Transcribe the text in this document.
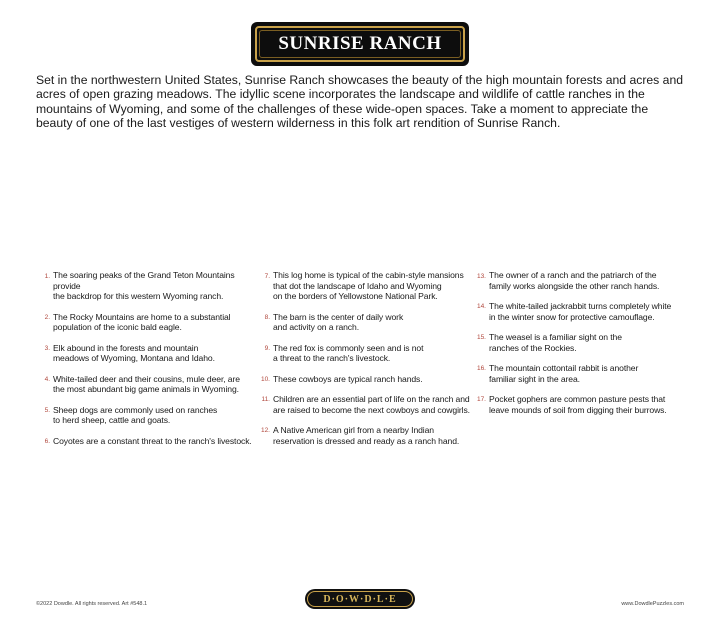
SUNRISE RANCH

Set in the northwestern United States, Sunrise Ranch showcases the beauty of the high mountain forests and acres and acres of open grazing meadows. The idyllic scene incorporates the landscape and wildlife of cattle ranches in the mountains of Wyoming, and some of the challenges of these wide-open spaces. Take a moment to appreciate the beauty of one of the last vestiges of western wilderness in this folk art rendition of Sunrise Ranch.

1. The soaring peaks of the Grand Teton Mountains provide
the backdrop for this western Wyoming ranch.
2. The Rocky Mountains are home to a substantial
population of the iconic bald eagle.
3. Elk abound in the forests and mountain
meadows of Wyoming, Montana and Idaho.
4. White-tailed deer and their cousins, mule deer, are
the most abundant big game animals in Wyoming.
5. Sheep dogs are commonly used on ranches
to herd sheep, cattle and goats.
6. Coyotes are a constant threat to the ranch's livestock.
7. This log home is typical of the cabin-style mansions
that dot the landscape of Idaho and Wyoming
on the borders of Yellowstone National Park.
8. The barn is the center of daily work
and activity on a ranch.
9. The red fox is commonly seen and is not
a threat to the ranch's livestock.
10. These cowboys are typical ranch hands.
11. Children are an essential part of life on the ranch and
are raised to become the next cowboys and cowgirls.
12. A Native American girl from a nearby Indian
reservation is dressed and ready as a ranch hand.
13. The owner of a ranch and the patriarch of the
family works alongside the other ranch hands.
14. The white-tailed jackrabbit turns completely white
in the winter snow for protective camouflage.
15. The weasel is a familiar sight on the
ranches of the Rockies.
16. The mountain cottontail rabbit is another
familiar sight in the area.
17. Pocket gophers are common pasture pests that
leave mounds of soil from digging their burrows.
©2022 Dowdle. All rights reserved. Art #548.1	D·O·W·D·L·E	www.DowdlePuzzles.com
